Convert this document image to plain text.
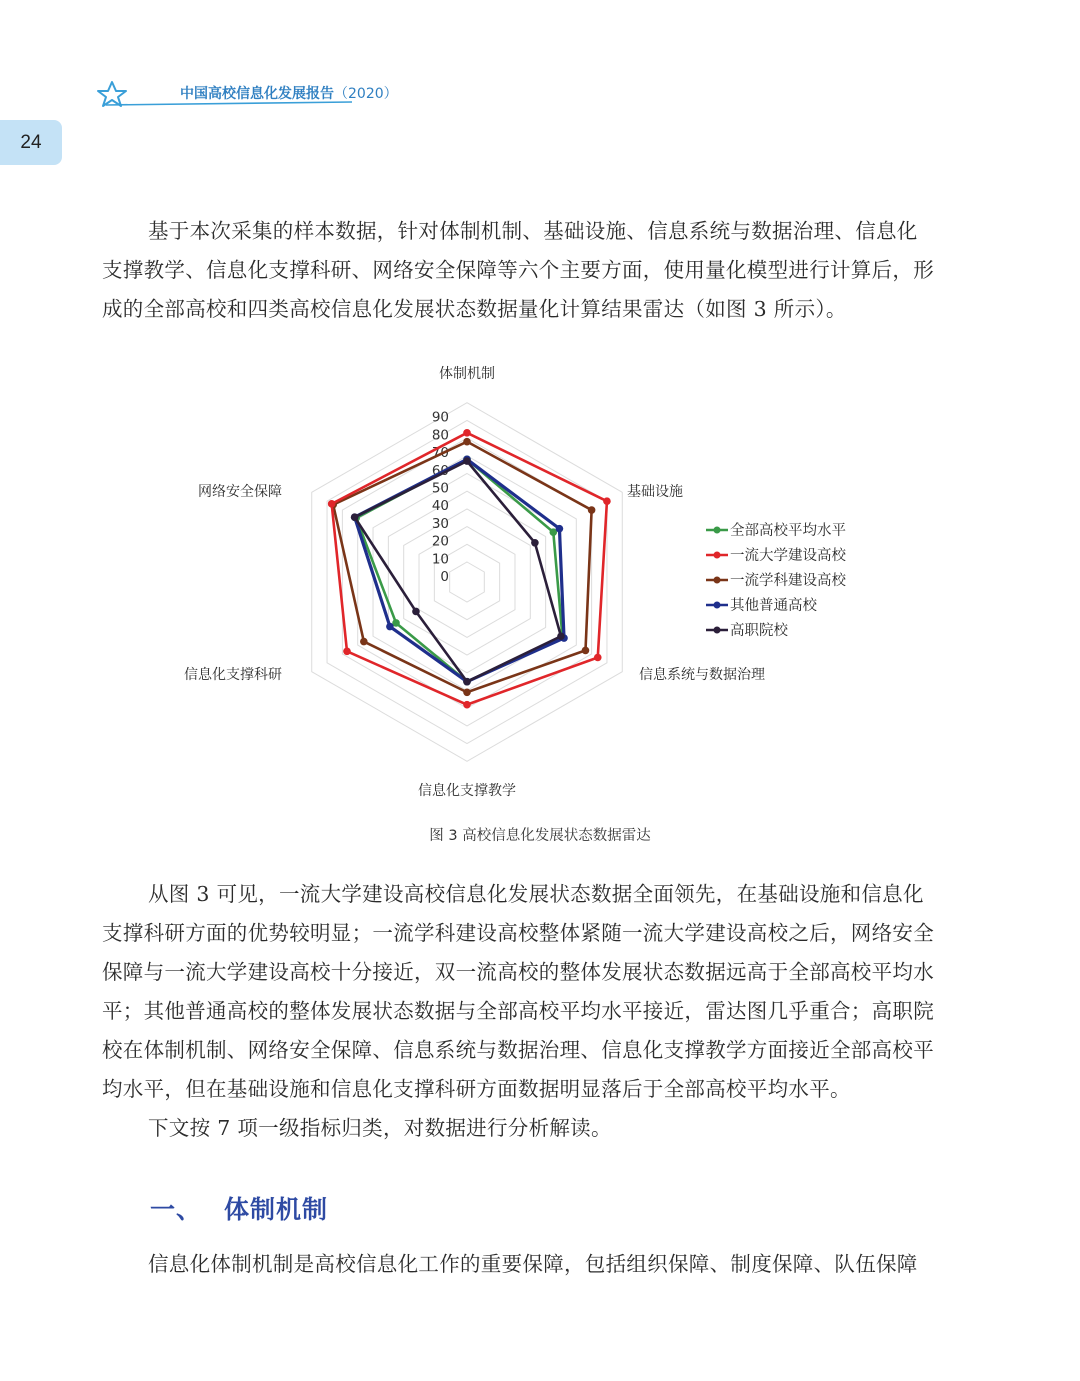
中国高校信息化发展报告（2020）
24
基于本次采集的样本数据，针对体制机制、基础设施、信息系统与数据治理、信息化
支撑教学、信息化支撑科研、网络安全保障等六个主要方面，使用量化模型进行计算后，形
成的全部高校和四类高校信息化发展状态数据量化计算结果雷达（如图 3 所示）。
0
10
20
30
40
50
60
70
80
90
体制机制
基础设施
信息系统与数据治理
信息化支撑教学
信息化支撑科研
网络安全保障
全部高校平均水平
一流大学建设高校
一流学科建设高校
其他普通高校
高职院校
图 3 高校信息化发展状态数据雷达
从图 3 可见，一流大学建设高校信息化发展状态数据全面领先，在基础设施和信息化
支撑科研方面的优势较明显；一流学科建设高校整体紧随一流大学建设高校之后，网络安全
保障与一流大学建设高校十分接近，双一流高校的整体发展状态数据远高于全部高校平均水
平；其他普通高校的整体发展状态数据与全部高校平均水平接近，雷达图几乎重合；高职院
校在体制机制、网络安全保障、信息系统与数据治理、信息化支撑教学方面接近全部高校平
均水平，但在基础设施和信息化支撑科研方面数据明显落后于全部高校平均水平。
下文按 7 项一级指标归类，对数据进行分析解读。
一、 体制机制
信息化体制机制是高校信息化工作的重要保障，包括组织保障、制度保障、队伍保障
